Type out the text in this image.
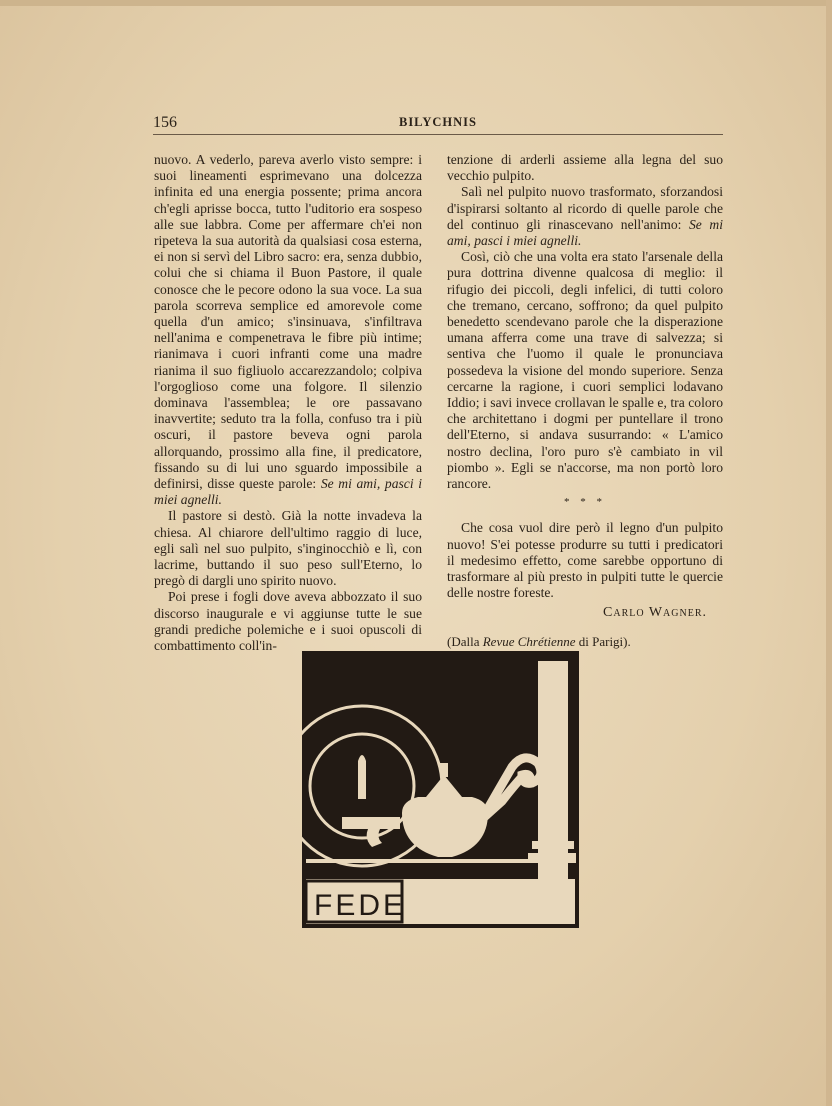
156	BILYCHNIS

nuovo. A vederlo, pareva averlo visto sempre: i suoi lineamenti esprimevano una dolcezza infinita ed una energia possente; prima ancora ch'egli aprisse bocca, tutto l'uditorio era sospeso alle sue labbra. Come per affermare ch'ei non ripeteva la sua autorità da qualsiasi cosa esterna, ei non si servì del Libro sacro: era, senza dubbio, colui che si chiama il Buon Pastore, il quale conosce che le pecore odono la sua voce. La sua parola scorreva semplice ed amorevole come quella d'un amico; s'insinuava, s'infiltrava nell'anima e compenetrava le fibre più intime; rianimava i cuori infranti come una madre rianima il suo figliuolo accarezzandolo; colpiva l'orgoglioso come una folgore. Il silenzio dominava l'assemblea; le ore passavano inavvertite; seduto tra la folla, confuso tra i più oscuri, il pastore beveva ogni parola allorquando, prossimo alla fine, il predicatore, fissando su di lui uno sguardo impossibile a definirsi, disse queste parole: Se mi ami, pasci i miei agnelli.

Il pastore si destò. Già la notte invadeva la chiesa. Al chiarore dell'ultimo raggio di luce, egli salì nel suo pulpito, s'inginocchiò e lì, con lacrime, buttando il suo peso sull'Eterno, lo pregò di dargli uno spirito nuovo.

Poi prese i fogli dove aveva abbozzato il suo discorso inaugurale e vi aggiunse tutte le sue grandi prediche polemiche e i suoi opuscoli di combattimento coll'in-

tenzione di arderli assieme alla legna del suo vecchio pulpito.

Salì nel pulpito nuovo trasformato, sforzandosi d'ispirarsi soltanto al ricordo di quelle parole che del continuo gli rinascevano nell'animo: Se mi ami, pasci i miei agnelli.

Così, ciò che una volta era stato l'arsenale della pura dottrina divenne qualcosa di meglio: il rifugio dei piccoli, degli infelici, di tutti coloro che tremano, cercano, soffrono; da quel pulpito benedetto scendevano parole che la disperazione umana afferra come una trave di salvezza; si sentiva che l'uomo il quale le pronunciava possedeva la visione del mondo superiore. Senza cercarne la ragione, i cuori semplici lodavano Iddio; i savi invece crollavan le spalle e, tra coloro che architettano i dogmi per puntellare il trono dell'Eterno, si andava susurrando: « L'amico nostro declina, l'oro puro s'è cambiato in vil piombo ». Egli se n'accorse, ma non portò loro rancore.

* * *

Che cosa vuol dire però il legno d'un pulpito nuovo! S'ei potesse produrre su tutti i predicatori il medesimo effetto, come sarebbe opportuno di trasformare al più presto in pulpiti tutte le quercie delle nostre foreste.

Carlo Wagner.
(Dalla Revue Chrétienne di Parigi).
FEDE
